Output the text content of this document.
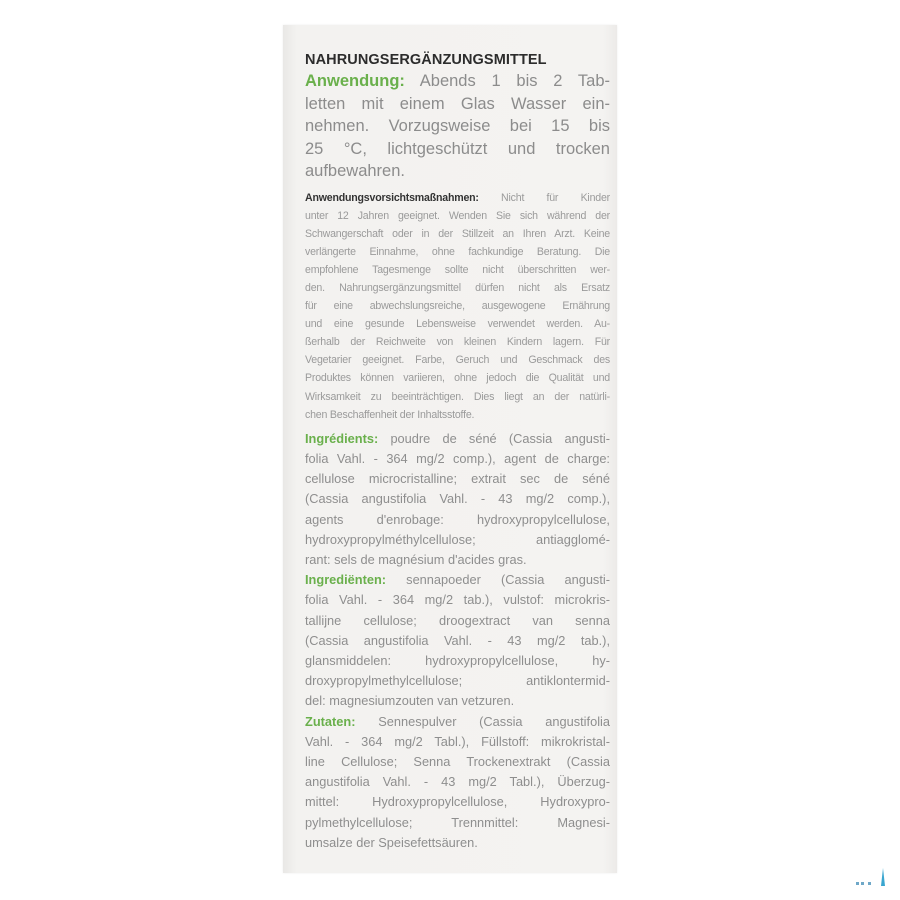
NAHRUNGSERGÄNZUNGSMITTEL
Anwendung: Abends 1 bis 2 Tab-
letten mit einem Glas Wasser ein-
nehmen. Vorzugsweise bei 15 bis
25 °C, lichtgeschützt und trocken
aufbewahren.
Anwendungsvorsichtsmaßnahmen: Nicht für Kinder
unter 12 Jahren geeignet. Wenden Sie sich während der
Schwangerschaft oder in der Stillzeit an Ihren Arzt. Keine
verlängerte Einnahme, ohne fachkundige Beratung. Die
empfohlene Tagesmenge sollte nicht überschritten wer-
den. Nahrungsergänzungsmittel dürfen nicht als Ersatz
für eine abwechslungsreiche, ausgewogene Ernährung
und eine gesunde Lebensweise verwendet werden. Au-
ßerhalb der Reichweite von kleinen Kindern lagern. Für
Vegetarier geeignet. Farbe, Geruch und Geschmack des
Produktes können variieren, ohne jedoch die Qualität und
Wirksamkeit zu beeinträchtigen. Dies liegt an der natürli-
chen Beschaffenheit der Inhaltsstoffe.
Ingrédients: poudre de séné (Cassia angusti-
folia Vahl. - 364 mg/2 comp.), agent de charge:
cellulose microcristalline; extrait sec de séné
(Cassia angustifolia Vahl. - 43 mg/2 comp.),
agents d'enrobage: hydroxypropylcellulose,
hydroxypropylméthylcellulose; antiagglomé-
rant: sels de magnésium d'acides gras.
Ingrediënten: sennapoeder (Cassia angusti-
folia Vahl. - 364 mg/2 tab.), vulstof: microkris-
tallijne cellulose; droogextract van senna
(Cassia angustifolia Vahl. - 43 mg/2 tab.),
glansmiddelen: hydroxypropylcellulose, hy-
droxypropylmethylcellulose; antiklontermid-
del: magnesiumzouten van vetzuren.
Zutaten: Sennespulver (Cassia angustifolia
Vahl. - 364 mg/2 Tabl.), Füllstoff: mikrokristal-
line Cellulose; Senna Trockenextrakt (Cassia
angustifolia Vahl. - 43 mg/2 Tabl.), Überzug-
mittel: Hydroxypropylcellulose, Hydroxypro-
pylmethylcellulose; Trennmittel: Magnesi-
umsalze der Speisefettsäuren.
